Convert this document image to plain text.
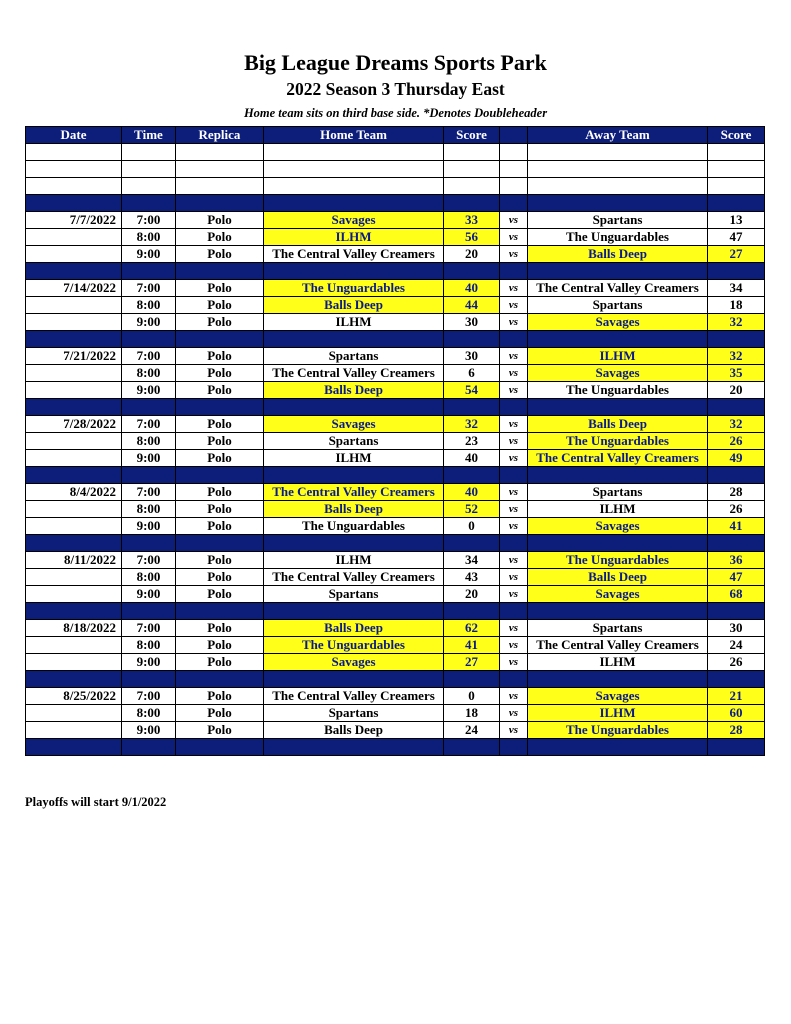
Big League Dreams Sports Park
2022 Season 3 Thursday East
Home team sits on third base side. *Denotes Doubleheader
Date	Time	Replica	Home Team	Score		Away Team	Score

7/7/2022	7:00	Polo	Savages	33	vs	Spartans	13
	8:00	Polo	ILHM	56	vs	The Unguardables	47
	9:00	Polo	The Central Valley Creamers	20	vs	Balls Deep	27

7/14/2022	7:00	Polo	The Unguardables	40	vs	The Central Valley Creamers	34
	8:00	Polo	Balls Deep	44	vs	Spartans	18
	9:00	Polo	ILHM	30	vs	Savages	32

7/21/2022	7:00	Polo	Spartans	30	vs	ILHM	32
	8:00	Polo	The Central Valley Creamers	6	vs	Savages	35
	9:00	Polo	Balls Deep	54	vs	The Unguardables	20

7/28/2022	7:00	Polo	Savages	32	vs	Balls Deep	32
	8:00	Polo	Spartans	23	vs	The Unguardables	26
	9:00	Polo	ILHM	40	vs	The Central Valley Creamers	49

8/4/2022	7:00	Polo	The Central Valley Creamers	40	vs	Spartans	28
	8:00	Polo	Balls Deep	52	vs	ILHM	26
	9:00	Polo	The Unguardables	0	vs	Savages	41

8/11/2022	7:00	Polo	ILHM	34	vs	The Unguardables	36
	8:00	Polo	The Central Valley Creamers	43	vs	Balls Deep	47
	9:00	Polo	Spartans	20	vs	Savages	68

8/18/2022	7:00	Polo	Balls Deep	62	vs	Spartans	30
	8:00	Polo	The Unguardables	41	vs	The Central Valley Creamers	24
	9:00	Polo	Savages	27	vs	ILHM	26

8/25/2022	7:00	Polo	The Central Valley Creamers	0	vs	Savages	21
	8:00	Polo	Spartans	18	vs	ILHM	60
	9:00	Polo	Balls Deep	24	vs	The Unguardables	28

Playoffs will start 9/1/2022
